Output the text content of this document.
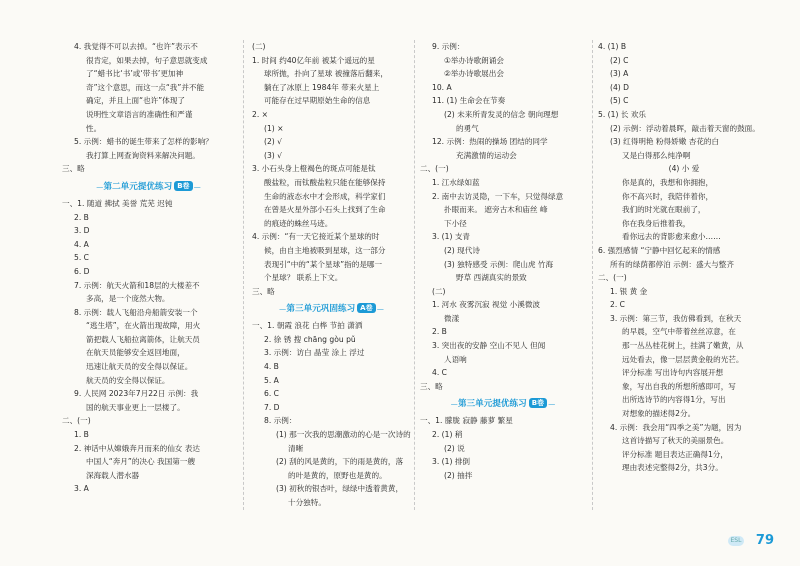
4. 我觉得不可以去掉。“也许”表示不
很肯定，如果去掉，句子意思就变成
了“蜡书比‘书’或‘带书’更加神
奇”这个意思，而这一点“我”并不能
确定，并且上面“也许”体现了
说明性文章语言的准确性和严谨
性。
5. 示例：蜡书的诞生带来了怎样的影响？
我打算上网查询资料来解决问题。
三、略
— 第二单元提优练习 B卷 —
一、1. 随道 拂拭 美誉 荒芜 迟钝
2. B
3. D
4. A
5. C
6. D
7. 示例：航天火箭和18层的大楼差不
多高，是一个庞然大物。
8. 示例：载人飞船沿舟船箭安装一个
“逃生塔”，在火箭出现故障，用火
箭把载人飞船拉离箭体，让航天员
在航天员能够安全返回地面，
迅速让航天员的安全得以保证。
航天员的安全得以保证。
9. 人民网 2023年7月22日 示例：我
国的航天事业更上一层楼了。
二、(一)
1. B
2. 神话中从嫦娥奔月而来的仙女 表达
中国人“奔月”的决心 我国第一艘
深海载人潜水器
3. A
(二)
1. 时间 约40亿年前 被某个遥远的星
球所抛，扑向了星球 被撞落后翻来，
躺在了冰原上 1984年 带来火星上
可能存在过早期原始生命的信息
2. ×
(1) ×
(2) √
(3) √
3. 小石头身上橙褐色的斑点可能是钛
酸盐粒，而钛酸盐粒只能在能够保持
生命的液态水中才会形成，科学家们
在曾是火星外部小石头上找到了生命
的痕迹的蛛丝马迹。
4. 示例：“有一天它接近某个星球的时
候，由自主地被吸到星球，这一部分
表现引“中的“某个星球”指的是哪一
个星球？ 联系上下文。
三、略
— 第三单元巩固练习 A卷 —
一、1. 朝霞 浪花 白桦 节拍 潇洒
2. 徐 锈 搜 chāng gòu pǔ
3. 示例：访白 晶莹 涂上 浮过
4. B
5. A
6. C
7. D
8. 示例：
(1) 那一次我的思潮激动的心是一次诗的
清晰
(2) 刮的风是黄的，下的雨是黄的，落
的叶是黄的，原野也是黄的。
(3) 初秋的银杏叶，绿绿中透着黄黄，
十分独特。
9. 示例：
①举办诗歌朗诵会
②举办诗歌展出会
10. A
11. (1) 生命会在节奏
(2) 未来所青发灵的信念 朝向理想
的勇气
12. 示例：热闹的操场 团结的同学
充满激情的运动会
二、(一)
1. 江水绿如蓝
2. 南中去访灵隐，一下车，只觉得绿意
扑眼而来。 遮旁古木和庙丝 峰
下小径
3. (1) 支青
(2) 现代诗
(3) 独特感受 示例：爬山虎 竹海
野草 西湖真实的景致
(二)
1. 河水 夜雾沉寂 视觉 小溪微波
微漾
2. B
3. 突出夜的安静 空山不见人 但闻
人语响
4. C
三、略
— 第三单元提优练习 B卷 —
一、1. 朦胧 寂静 藤萝 繁星
2. (1) 稍
(2) 说
3. (1) 排倒
(2) 抽拌
4. (1) B
(2) C
(3) A
(4) D
(5) C
5. (1) 长 欢乐
(2) 示例：浮动着晨晖，敲击着天窗的鼓面。
(3) 红得明艳 粉得娇嫩 杏花的白
又是白得那么纯净啊
(4) 小 爱
你是真的，我想和你拥抱，
你不高兴时，我陪伴着你，
我们的时光就在眼前了，
你在我身后推着我，
看你远去的背影愈来愈小……
6. 强烈感情 “宁静中回忆起来的情感
所有的绿荫都停泊 示例：盛大与整齐
二、(一)
1. 银 黄 金
2. C
3. 示例：第三节，我仿佛看到，在秋天
的早晨，空气中带着丝丝凉意，在
那一丛丛桂花树上，挂满了嫩黄，从
远处看去，像一层层黄金般的光芒。
评分标准 写出诗句内容展开想
象，写出自我的所想所感即可，写
出所选诗节的内容得1分，写出
对想象的描述得2分。
4. 示例：我会用“四季之美”为题，因为
这首诗描写了秋天的美丽景色。
评分标准 题目表达正确得1分，
理由表述完整得2分，共3分。
ESL 79
